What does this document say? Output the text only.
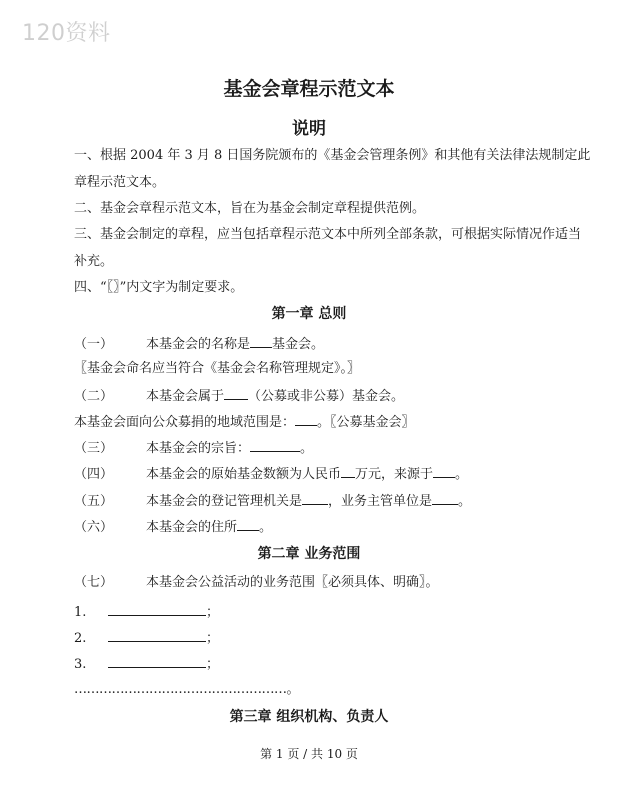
120资料
基金会章程示范文本
说明
一、根据 2004 年 3 月 8 日国务院颁布的《基金会管理条例》和其他有关法律法规制定此
章程示范文本。
二、基金会章程示范文本，旨在为基金会制定章程提供范例。
三、基金会制定的章程，应当包括章程示范文本中所列全部条款，可根据实际情况作适当
补充。
四、“〖〗”内文字为制定要求。
第一章 总则
（一）	本基金会的名称是 基金会。
〖基金会命名应当符合《基金会名称管理规定》。〗
（二）	本基金会属于 （公募或非公募）基金会。
本基金会面向公众募捐的地域范围是： 。〖公募基金会〗
（三）	本基金会的宗旨：	。
（四）	本基金会的原始基金数额为人民币 万元，来源于 。
（五）	本基金会的登记管理机关是 ，业务主管单位是 。
（六）	本基金会的住所 。
第二章 业务范围
（七）	本基金会公益活动的业务范围〖必须具体、明确〗。
1.	；
2.	；
3.	；
……………………………………………。
第三章 组织机构、负责人
第 1 页 / 共 10 页
